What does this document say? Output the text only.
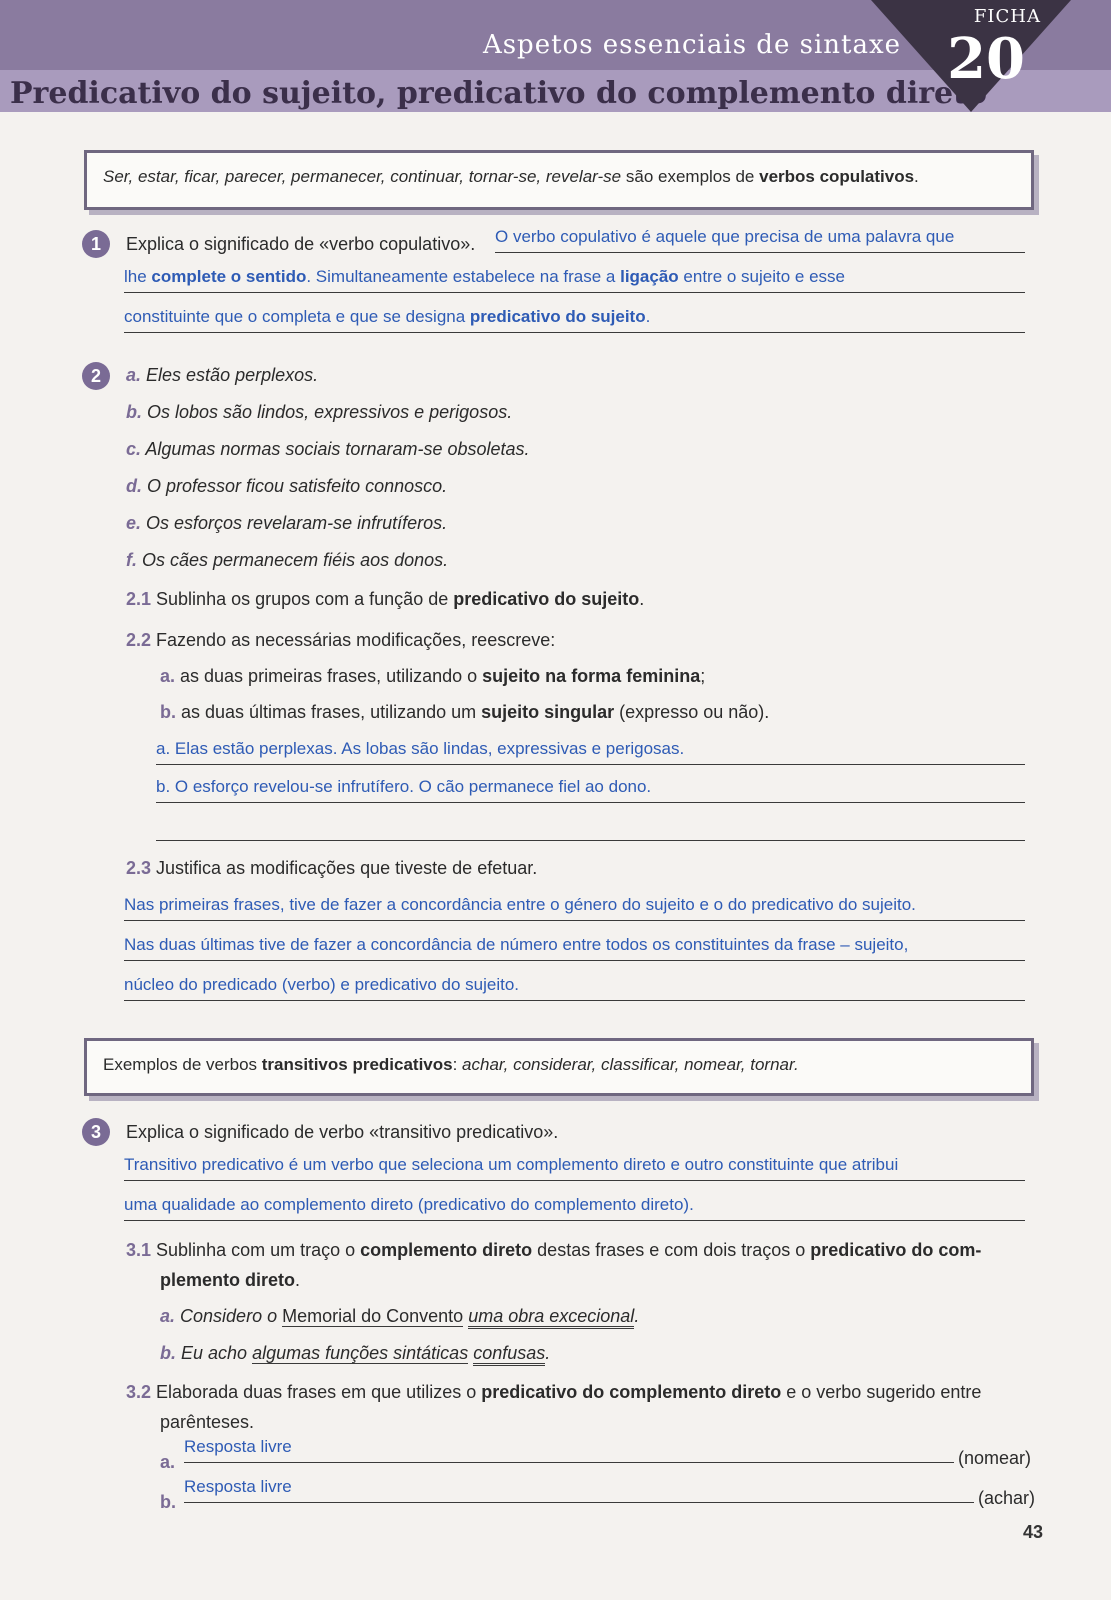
Aspetos essenciais de sintaxe
Predicativo do sujeito, predicativo do complemento direto
FICHA
20
Ser, estar, ficar, parecer, permanecer, continuar, tornar-se, revelar-se são exemplos de verbos copulativos.
1	Explica o significado de «verbo copulativo». O verbo copulativo é aquele que precisa de uma palavra que
lhe complete o sentido. Simultaneamente estabelece na frase a ligação entre o sujeito e esse
constituinte que o completa e que se designa predicativo do sujeito.
2	a. Eles estão perplexos.
b. Os lobos são lindos, expressivos e perigosos.
c. Algumas normas sociais tornaram-se obsoletas.
d. O professor ficou satisfeito connosco.
e. Os esforços revelaram-se infrutíferos.
f. Os cães permanecem fiéis aos donos.
2.1 Sublinha os grupos com a função de predicativo do sujeito.
2.2 Fazendo as necessárias modificações, reescreve:
a. as duas primeiras frases, utilizando o sujeito na forma feminina;
b. as duas últimas frases, utilizando um sujeito singular (expresso ou não).
a. Elas estão perplexas. As lobas são lindas, expressivas e perigosas.
b. O esforço revelou-se infrutífero. O cão permanece fiel ao dono.
2.3 Justifica as modificações que tiveste de efetuar.
Nas primeiras frases, tive de fazer a concordância entre o género do sujeito e o do predicativo do sujeito.
Nas duas últimas tive de fazer a concordância de número entre todos os constituintes da frase – sujeito,
núcleo do predicado (verbo) e predicativo do sujeito.
Exemplos de verbos transitivos predicativos: achar, considerar, classificar, nomear, tornar.
3	Explica o significado de verbo «transitivo predicativo».
Transitivo predicativo é um verbo que seleciona um complemento direto e outro constituinte que atribui
uma qualidade ao complemento direto (predicativo do complemento direto).
3.1 Sublinha com um traço o complemento direto destas frases e com dois traços o predicativo do com-
plemento direto.
a. Considero o Memorial do Convento uma obra excecional.
b. Eu acho algumas funções sintáticas confusas.
3.2 Elaborada duas frases em que utilizes o predicativo do complemento direto e o verbo sugerido entre
parênteses.
a.
Resposta livre
(nomear)
b.
Resposta livre
(achar)
43
